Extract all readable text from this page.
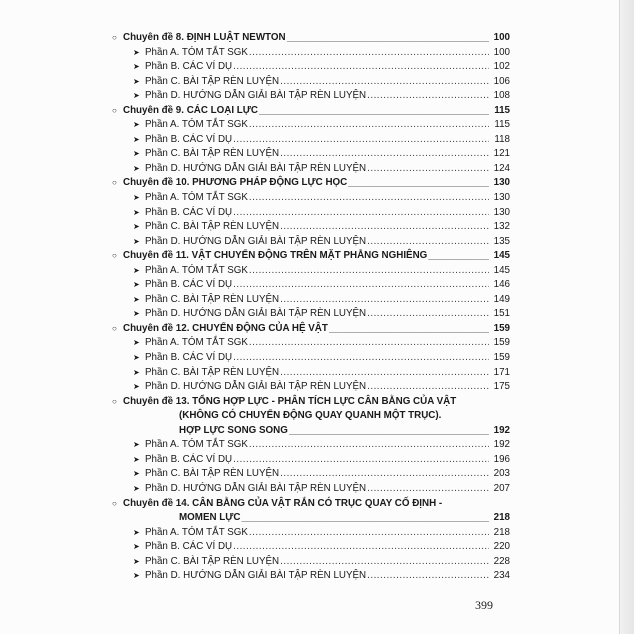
○ Chuyên đề 8. ĐỊNH LUẬT NEWTON _____	100
➤ Phần A. TÓM TẮT SGK .....	100
➤ Phần B. CÁC VÍ DỤ .....	102
➤ Phần C. BÀI TẬP RÈN LUYỆN .....	106
➤ Phần D. HƯỚNG DẪN GIẢI BÀI TẬP RÈN LUYỆN .....	108
○ Chuyên đề 9. CÁC LOẠI LỰC _____	115
➤ Phần A. TÓM TẮT SGK .....	115
➤ Phần B. CÁC VÍ DỤ .....	118
➤ Phần C. BÀI TẬP RÈN LUYỆN .....	121
➤ Phần D. HƯỚNG DẪN GIẢI BÀI TẬP RÈN LUYỆN .....	124
○ Chuyên đề 10. PHƯƠNG PHÁP ĐỘNG LỰC HỌC _____	130
➤ Phần A. TÓM TẮT SGK .....	130
➤ Phần B. CÁC VÍ DỤ .....	130
➤ Phần C. BÀI TẬP RÈN LUYỆN .....	132
➤ Phần D. HƯỚNG DẪN GIẢI BÀI TẬP RÈN LUYỆN .....	135
○ Chuyên đề 11. VẬT CHUYỂN ĐỘNG TRÊN MẶT PHẲNG NGHIÊNG _____	145
➤ Phần A. TÓM TẮT SGK .....	145
➤ Phần B. CÁC VÍ DỤ .....	146
➤ Phần C. BÀI TẬP RÈN LUYỆN .....	149
➤ Phần D. HƯỚNG DẪN GIẢI BÀI TẬP RÈN LUYỆN .....	151
○ Chuyên đề 12. CHUYỂN ĐỘNG CỦA HỆ VẬT _____	159
➤ Phần A. TÓM TẮT SGK .....	159
➤ Phần B. CÁC VÍ DỤ .....	159
➤ Phần C. BÀI TẬP RÈN LUYỆN .....	171
➤ Phần D. HƯỚNG DẪN GIẢI BÀI TẬP RÈN LUYỆN .....	175
○ Chuyên đề 13. TỔNG HỢP LỰC - PHÂN TÍCH LỰC CÂN BẰNG CỦA VẬT
(KHÔNG CÓ CHUYỂN ĐỘNG QUAY QUANH MỘT TRỤC).
HỢP LỰC SONG SONG _____	192
➤ Phần A. TÓM TẮT SGK .....	192
➤ Phần B. CÁC VÍ DỤ .....	196
➤ Phần C. BÀI TẬP RÈN LUYỆN .....	203
➤ Phần D. HƯỚNG DẪN GIẢI BÀI TẬP RÈN LUYỆN .....	207
○ Chuyên đề 14. CÂN BẰNG CỦA VẬT RẮN CÓ TRỤC QUAY CỐ ĐỊNH -
MOMEN LỰC _____	218
➤ Phần A. TÓM TẮT SGK .....	218
➤ Phần B. CÁC VÍ DỤ .....	220
➤ Phần C. BÀI TẬP RÈN LUYỆN .....	228
➤ Phần D. HƯỚNG DẪN GIẢI BÀI TẬP RÈN LUYỆN .....	234
399
